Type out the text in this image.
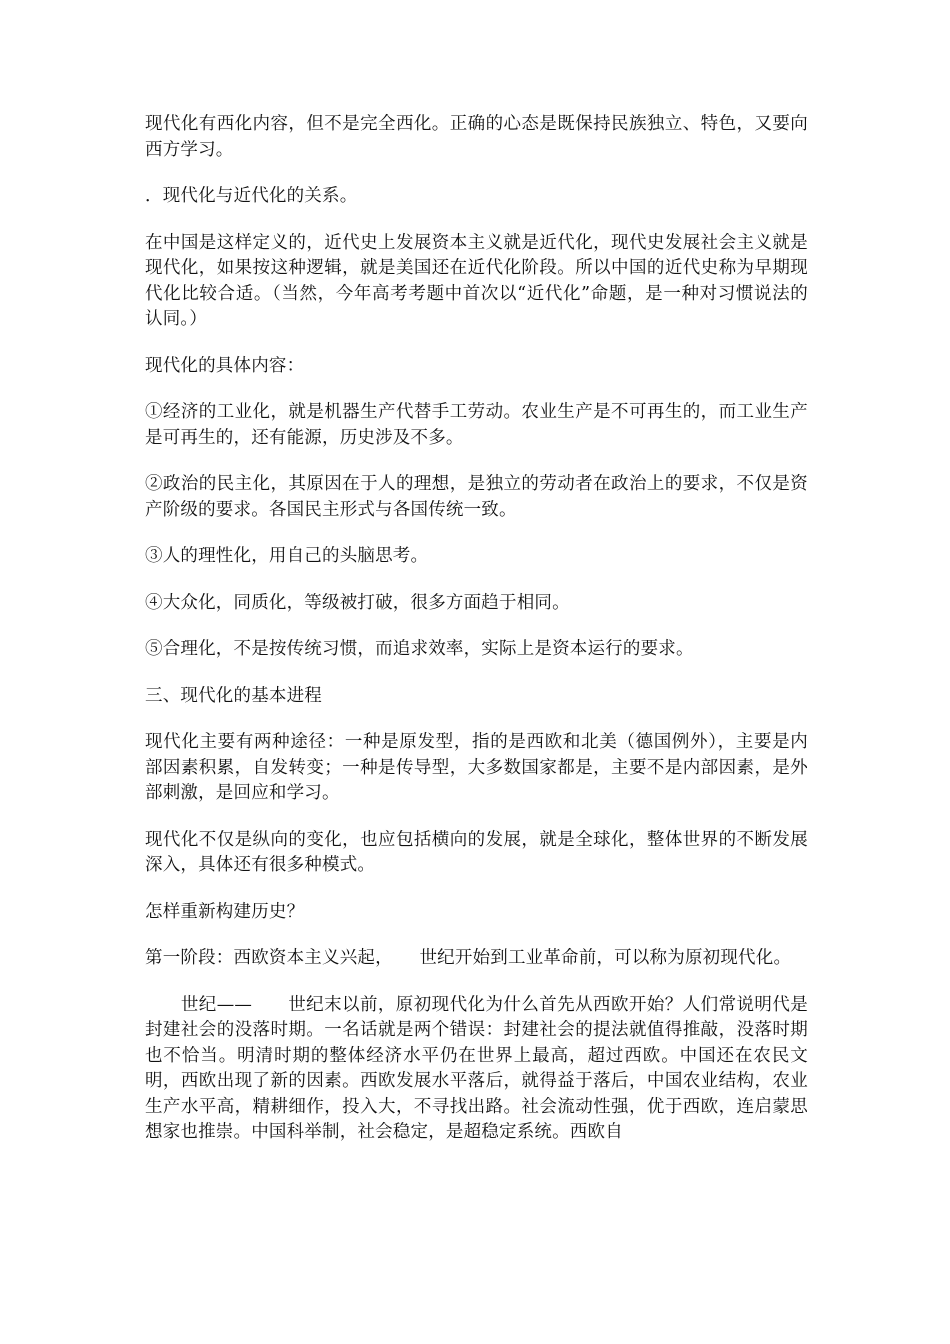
现代化有西化内容，但不是完全西化。正确的心态是既保持民族独立、特色，又要向西方学习。

．现代化与近代化的关系。

在中国是这样定义的，近代史上发展资本主义就是近代化，现代史发展社会主义就是现代化，如果按这种逻辑，就是美国还在近代化阶段。所以中国的近代史称为早期现代化比较合适。（当然，今年高考考题中首次以“近代化”命题，是一种对习惯说法的认同。）

现代化的具体内容：

①经济的工业化，就是机器生产代替手工劳动。农业生产是不可再生的，而工业生产是可再生的，还有能源，历史涉及不多。

②政治的民主化，其原因在于人的理想，是独立的劳动者在政治上的要求，不仅是资产阶级的要求。各国民主形式与各国传统一致。

③人的理性化，用自己的头脑思考。

④大众化，同质化，等级被打破，很多方面趋于相同。

⑤合理化，不是按传统习惯，而追求效率，实际上是资本运行的要求。

三、现代化的基本进程

现代化主要有两种途径：一种是原发型，指的是西欧和北美（德国例外），主要是内部因素积累，自发转变；一种是传导型，大多数国家都是，主要不是内部因素，是外部刺激，是回应和学习。

现代化不仅是纵向的变化，也应包括横向的发展，就是全球化，整体世界的不断发展深入，具体还有很多种模式。

怎样重新构建历史？

第一阶段：西欧资本主义兴起，　　世纪开始到工业革命前，可以称为原初现代化。

　　世纪——　　世纪末以前，原初现代化为什么首先从西欧开始？人们常说明代是封建社会的没落时期。一名话就是两个错误：封建社会的提法就值得推敲，没落时期也不恰当。明清时期的整体经济水平仍在世界上最高，超过西欧。中国还在农民文明，西欧出现了新的因素。西欧发展水平落后，就得益于落后，中国农业结构，农业生产水平高，精耕细作，投入大，不寻找出路。社会流动性强，优于西欧，连启蒙思想家也推崇。中国科举制，社会稳定，是超稳定系统。西欧自
